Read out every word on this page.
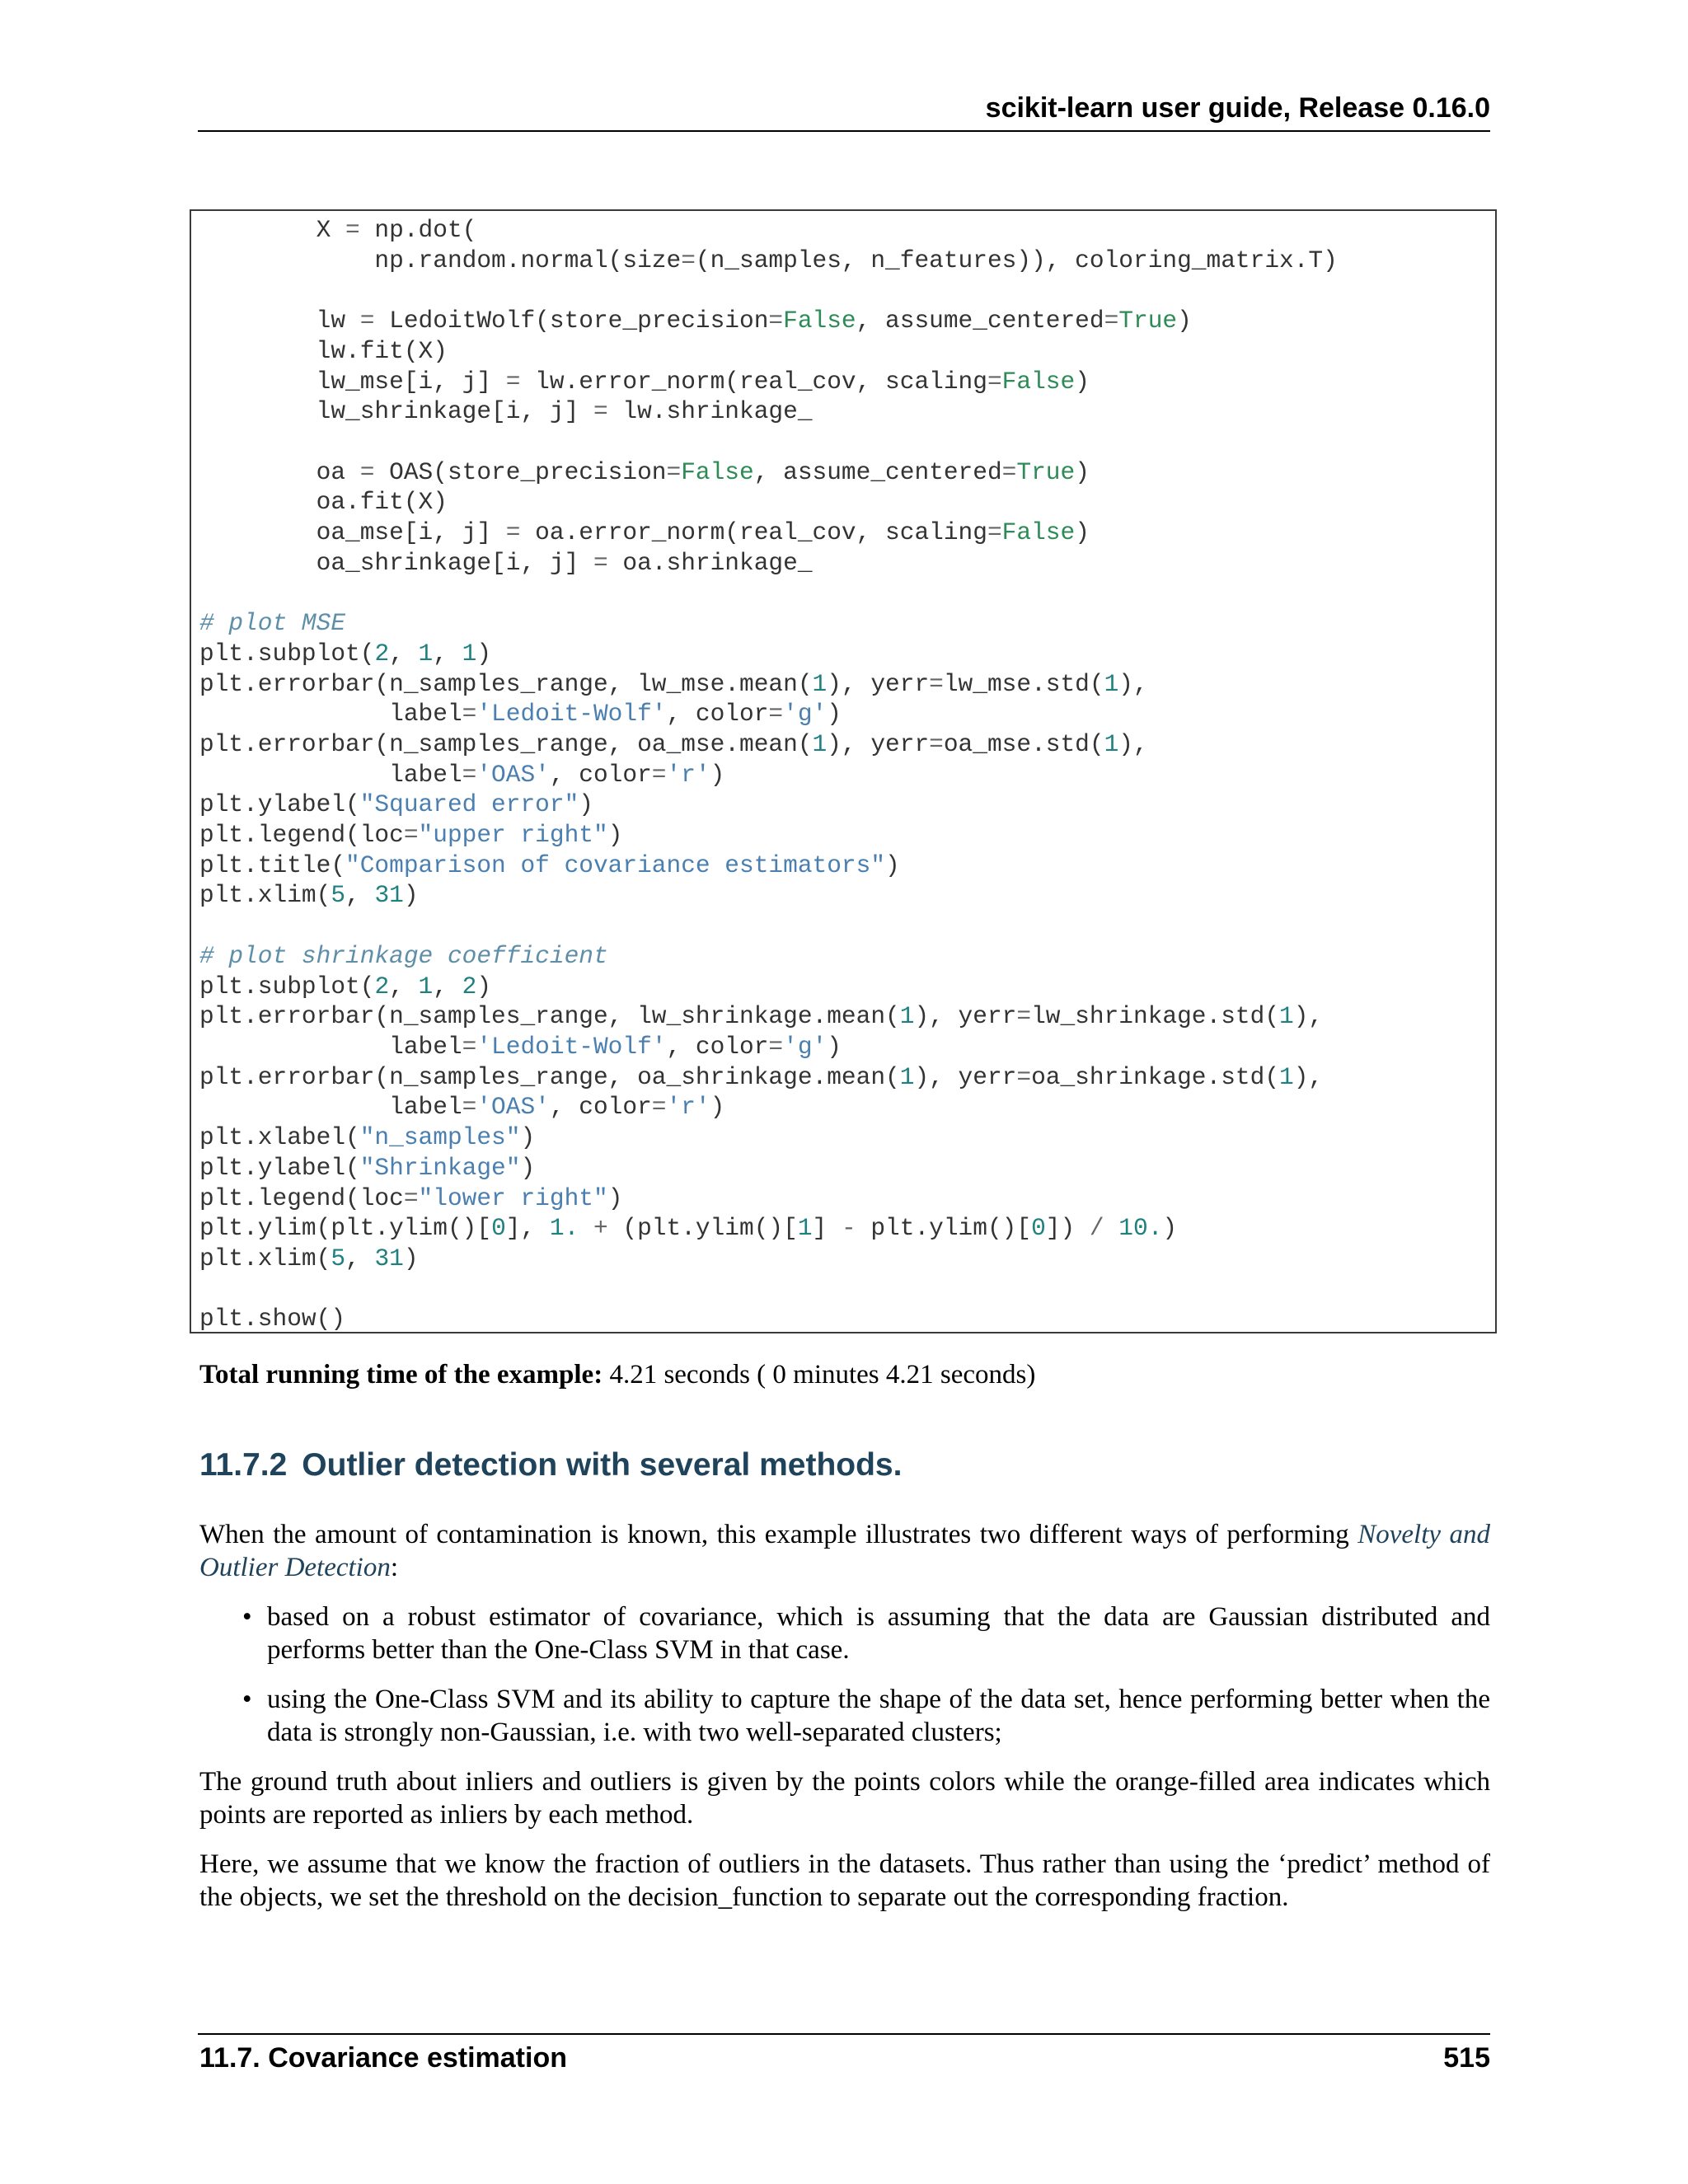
scikit-learn user guide, Release 0.16.0
X = np.dot(
np.random.normal(size=(n_samples, n_features)), coloring_matrix.T)

lw = LedoitWolf(store_precision=False, assume_centered=True)
lw.fit(X)
lw_mse[i, j] = lw.error_norm(real_cov, scaling=False)
lw_shrinkage[i, j] = lw.shrinkage_

oa = OAS(store_precision=False, assume_centered=True)
oa.fit(X)
oa_mse[i, j] = oa.error_norm(real_cov, scaling=False)
oa_shrinkage[i, j] = oa.shrinkage_

# plot MSE
plt.subplot(2, 1, 1)
plt.errorbar(n_samples_range, lw_mse.mean(1), yerr=lw_mse.std(1),
label='Ledoit-Wolf', color='g')
plt.errorbar(n_samples_range, oa_mse.mean(1), yerr=oa_mse.std(1),
label='OAS', color='r')
plt.ylabel("Squared error")
plt.legend(loc="upper right")
plt.title("Comparison of covariance estimators")
plt.xlim(5, 31)

# plot shrinkage coefficient
plt.subplot(2, 1, 2)
plt.errorbar(n_samples_range, lw_shrinkage.mean(1), yerr=lw_shrinkage.std(1),
label='Ledoit-Wolf', color='g')
plt.errorbar(n_samples_range, oa_shrinkage.mean(1), yerr=oa_shrinkage.std(1),
label='OAS', color='r')
plt.xlabel("n_samples")
plt.ylabel("Shrinkage")
plt.legend(loc="lower right")
plt.ylim(plt.ylim()[0], 1. + (plt.ylim()[1] - plt.ylim()[0]) / 10.)
plt.xlim(5, 31)

plt.show()
Total running time of the example: 4.21 seconds ( 0 minutes 4.21 seconds)
11.7.2 Outlier detection with several methods.

When the amount of contamination is known, this example illustrates two different ways of performing Novelty and Outlier Detection:

• based on a robust estimator of covariance, which is assuming that the data are Gaussian distributed and performs better than the One-Class SVM in that case.
• using the One-Class SVM and its ability to capture the shape of the data set, hence performing better when the data is strongly non-Gaussian, i.e. with two well-separated clusters;

The ground truth about inliers and outliers is given by the points colors while the orange-filled area indicates which points are reported as inliers by each method.

Here, we assume that we know the fraction of outliers in the datasets. Thus rather than using the ‘predict’ method of the objects, we set the threshold on the decision_function to separate out the corresponding fraction.

11.7. Covariance estimation	515
